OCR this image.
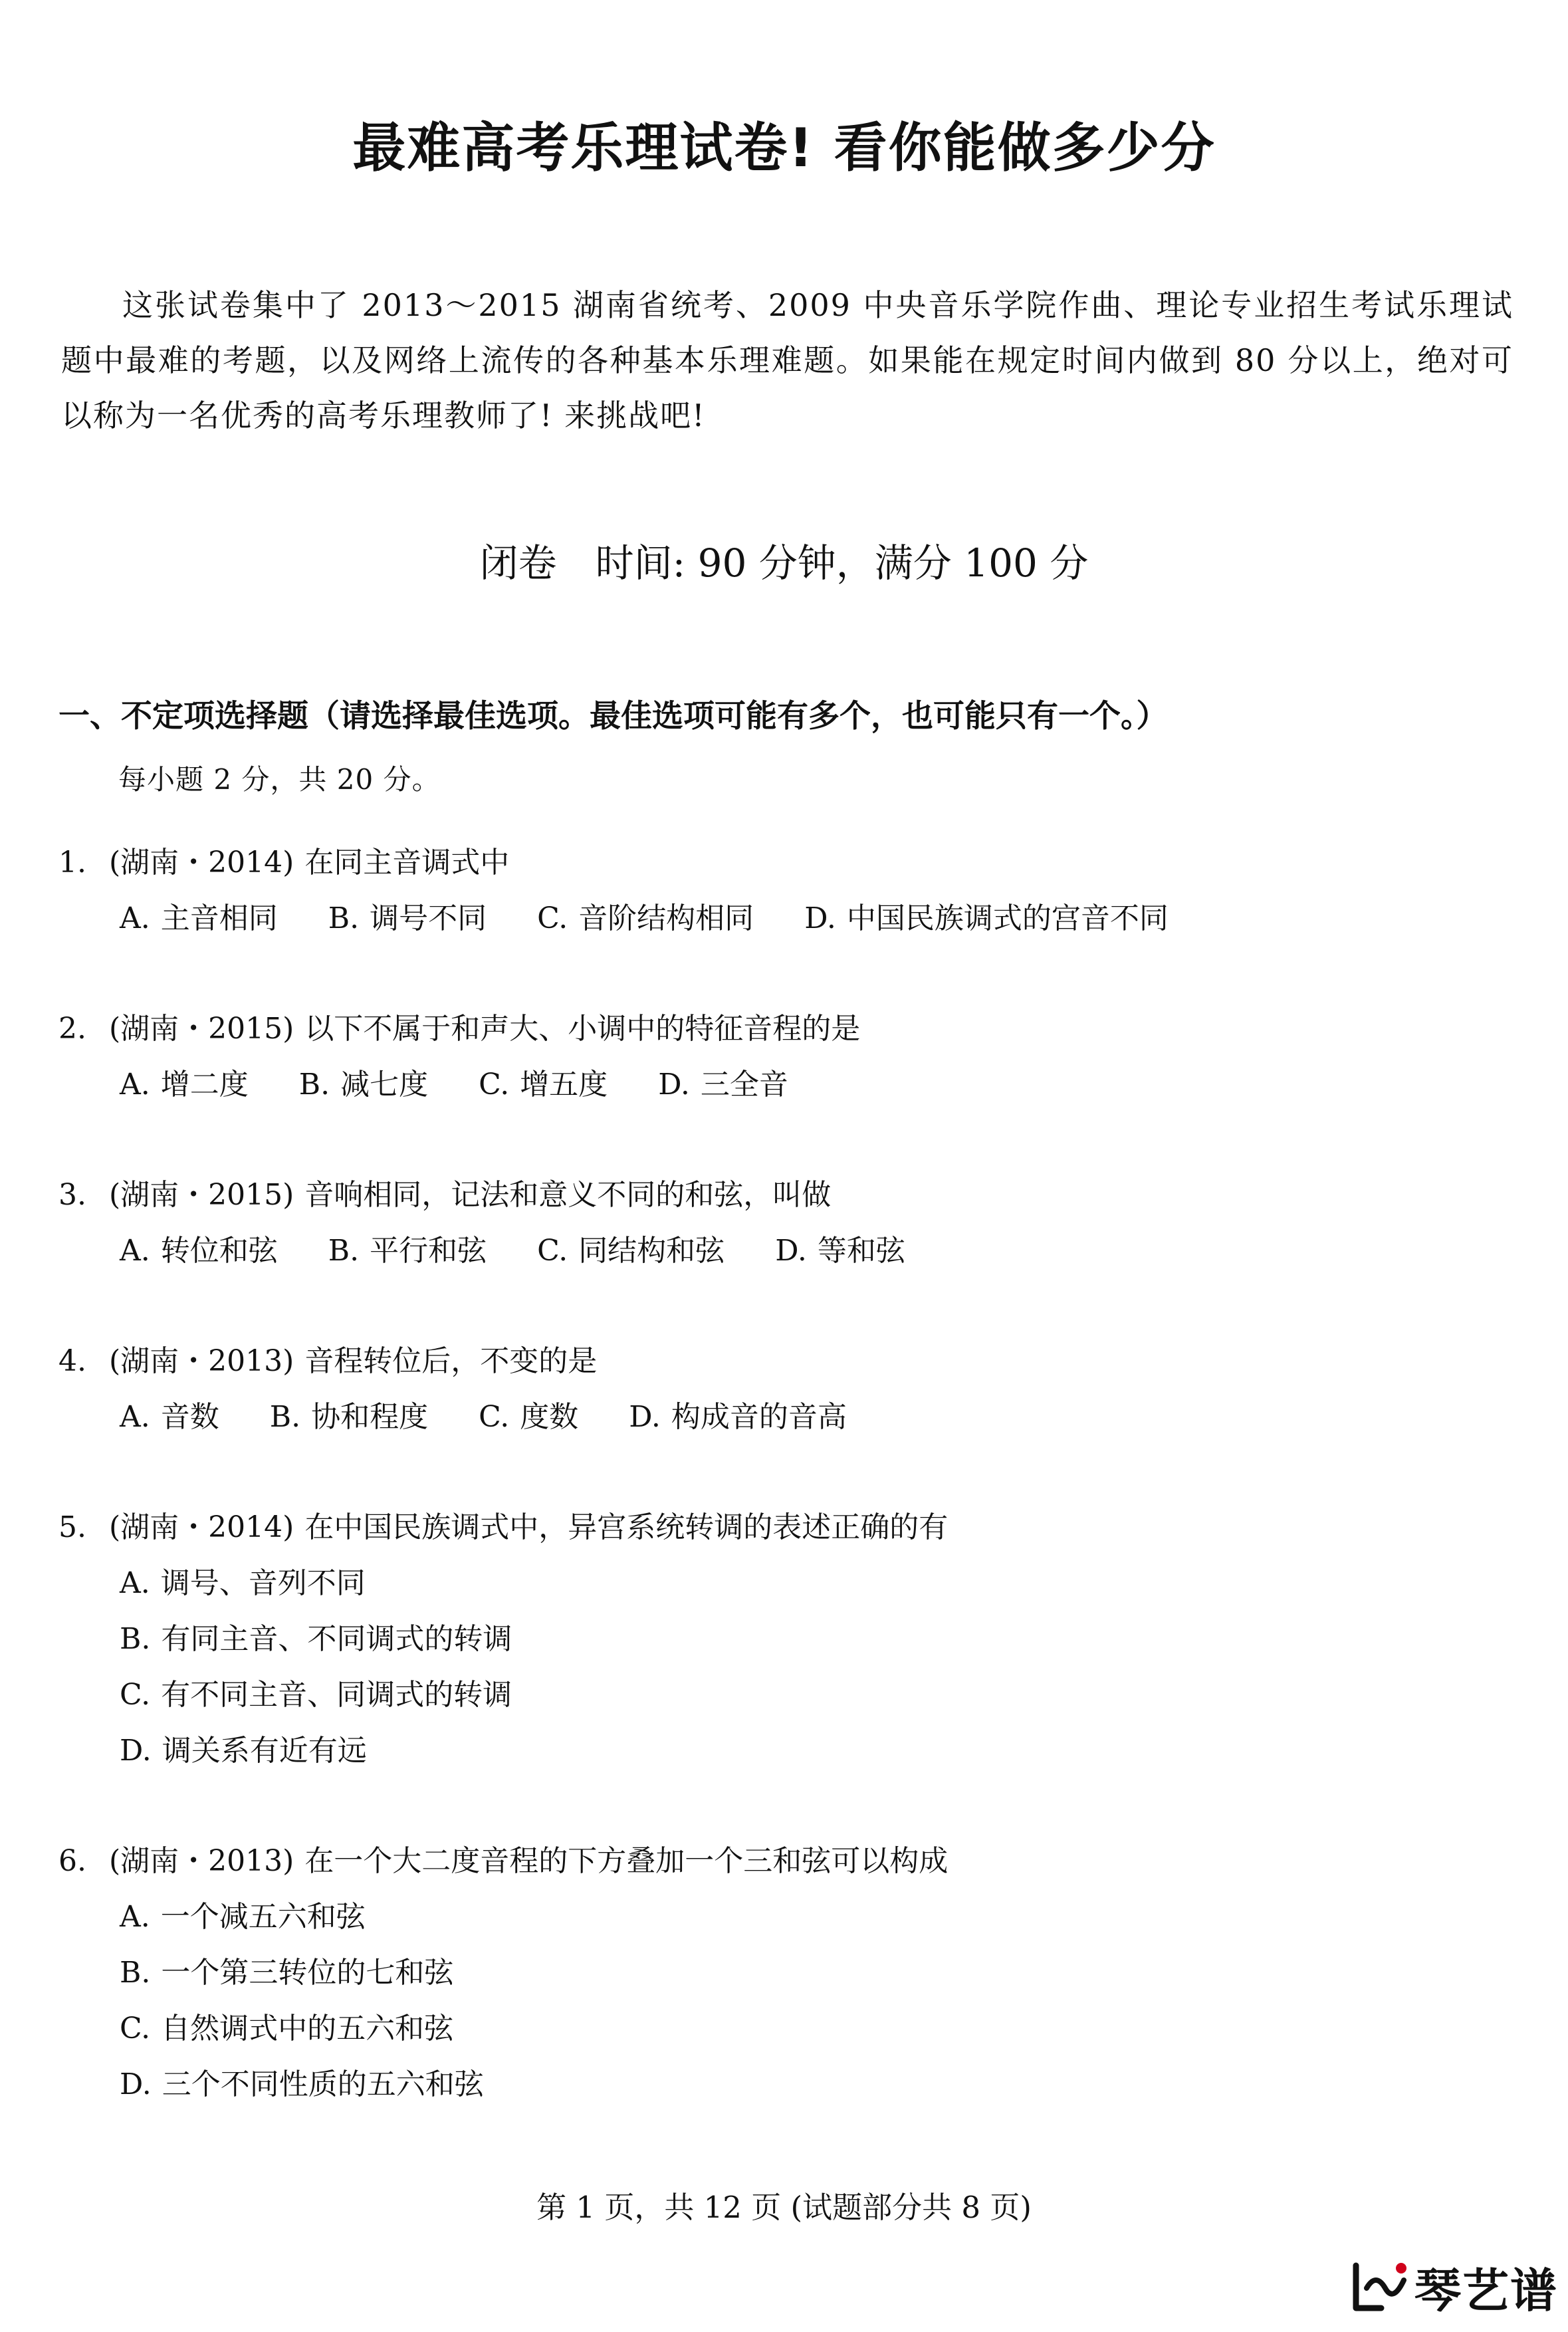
最难高考乐理试卷! 看你能做多少分
这张试卷集中了 2013～2015 湖南省统考、2009 中央音乐学院作曲、理论专业招生考试乐理试题中最难的考题，以及网络上流传的各种基本乐理难题。如果能在规定时间内做到 80 分以上，绝对可以称为一名优秀的高考乐理教师了! 来挑战吧!
闭卷　时间: 90 分钟，满分 100 分
一、不定项选择题（请选择最佳选项。最佳选项可能有多个，也可能只有一个。）
每小题 2 分，共 20 分。
1. (湖南・2014) 在同主音调式中
A. 主音相同 B. 调号不同 C. 音阶结构相同 D. 中国民族调式的宫音不同
2. (湖南・2015) 以下不属于和声大、小调中的特征音程的是
A. 增二度 B. 减七度 C. 增五度 D. 三全音
3. (湖南・2015) 音响相同，记法和意义不同的和弦，叫做
A. 转位和弦 B. 平行和弦 C. 同结构和弦 D. 等和弦
4. (湖南・2013) 音程转位后，不变的是
A. 音数 B. 协和程度 C. 度数 D. 构成音的音高
5. (湖南・2014) 在中国民族调式中，异宫系统转调的表述正确的有
A. 调号、音列不同
B. 有同主音、不同调式的转调
C. 有不同主音、同调式的转调
D. 调关系有近有远
6. (湖南・2013) 在一个大二度音程的下方叠加一个三和弦可以构成
A. 一个减五六和弦
B. 一个第三转位的七和弦
C. 自然调式中的五六和弦
D. 三个不同性质的五六和弦
第 1 页，共 12 页 (试题部分共 8 页)
琴艺谱
